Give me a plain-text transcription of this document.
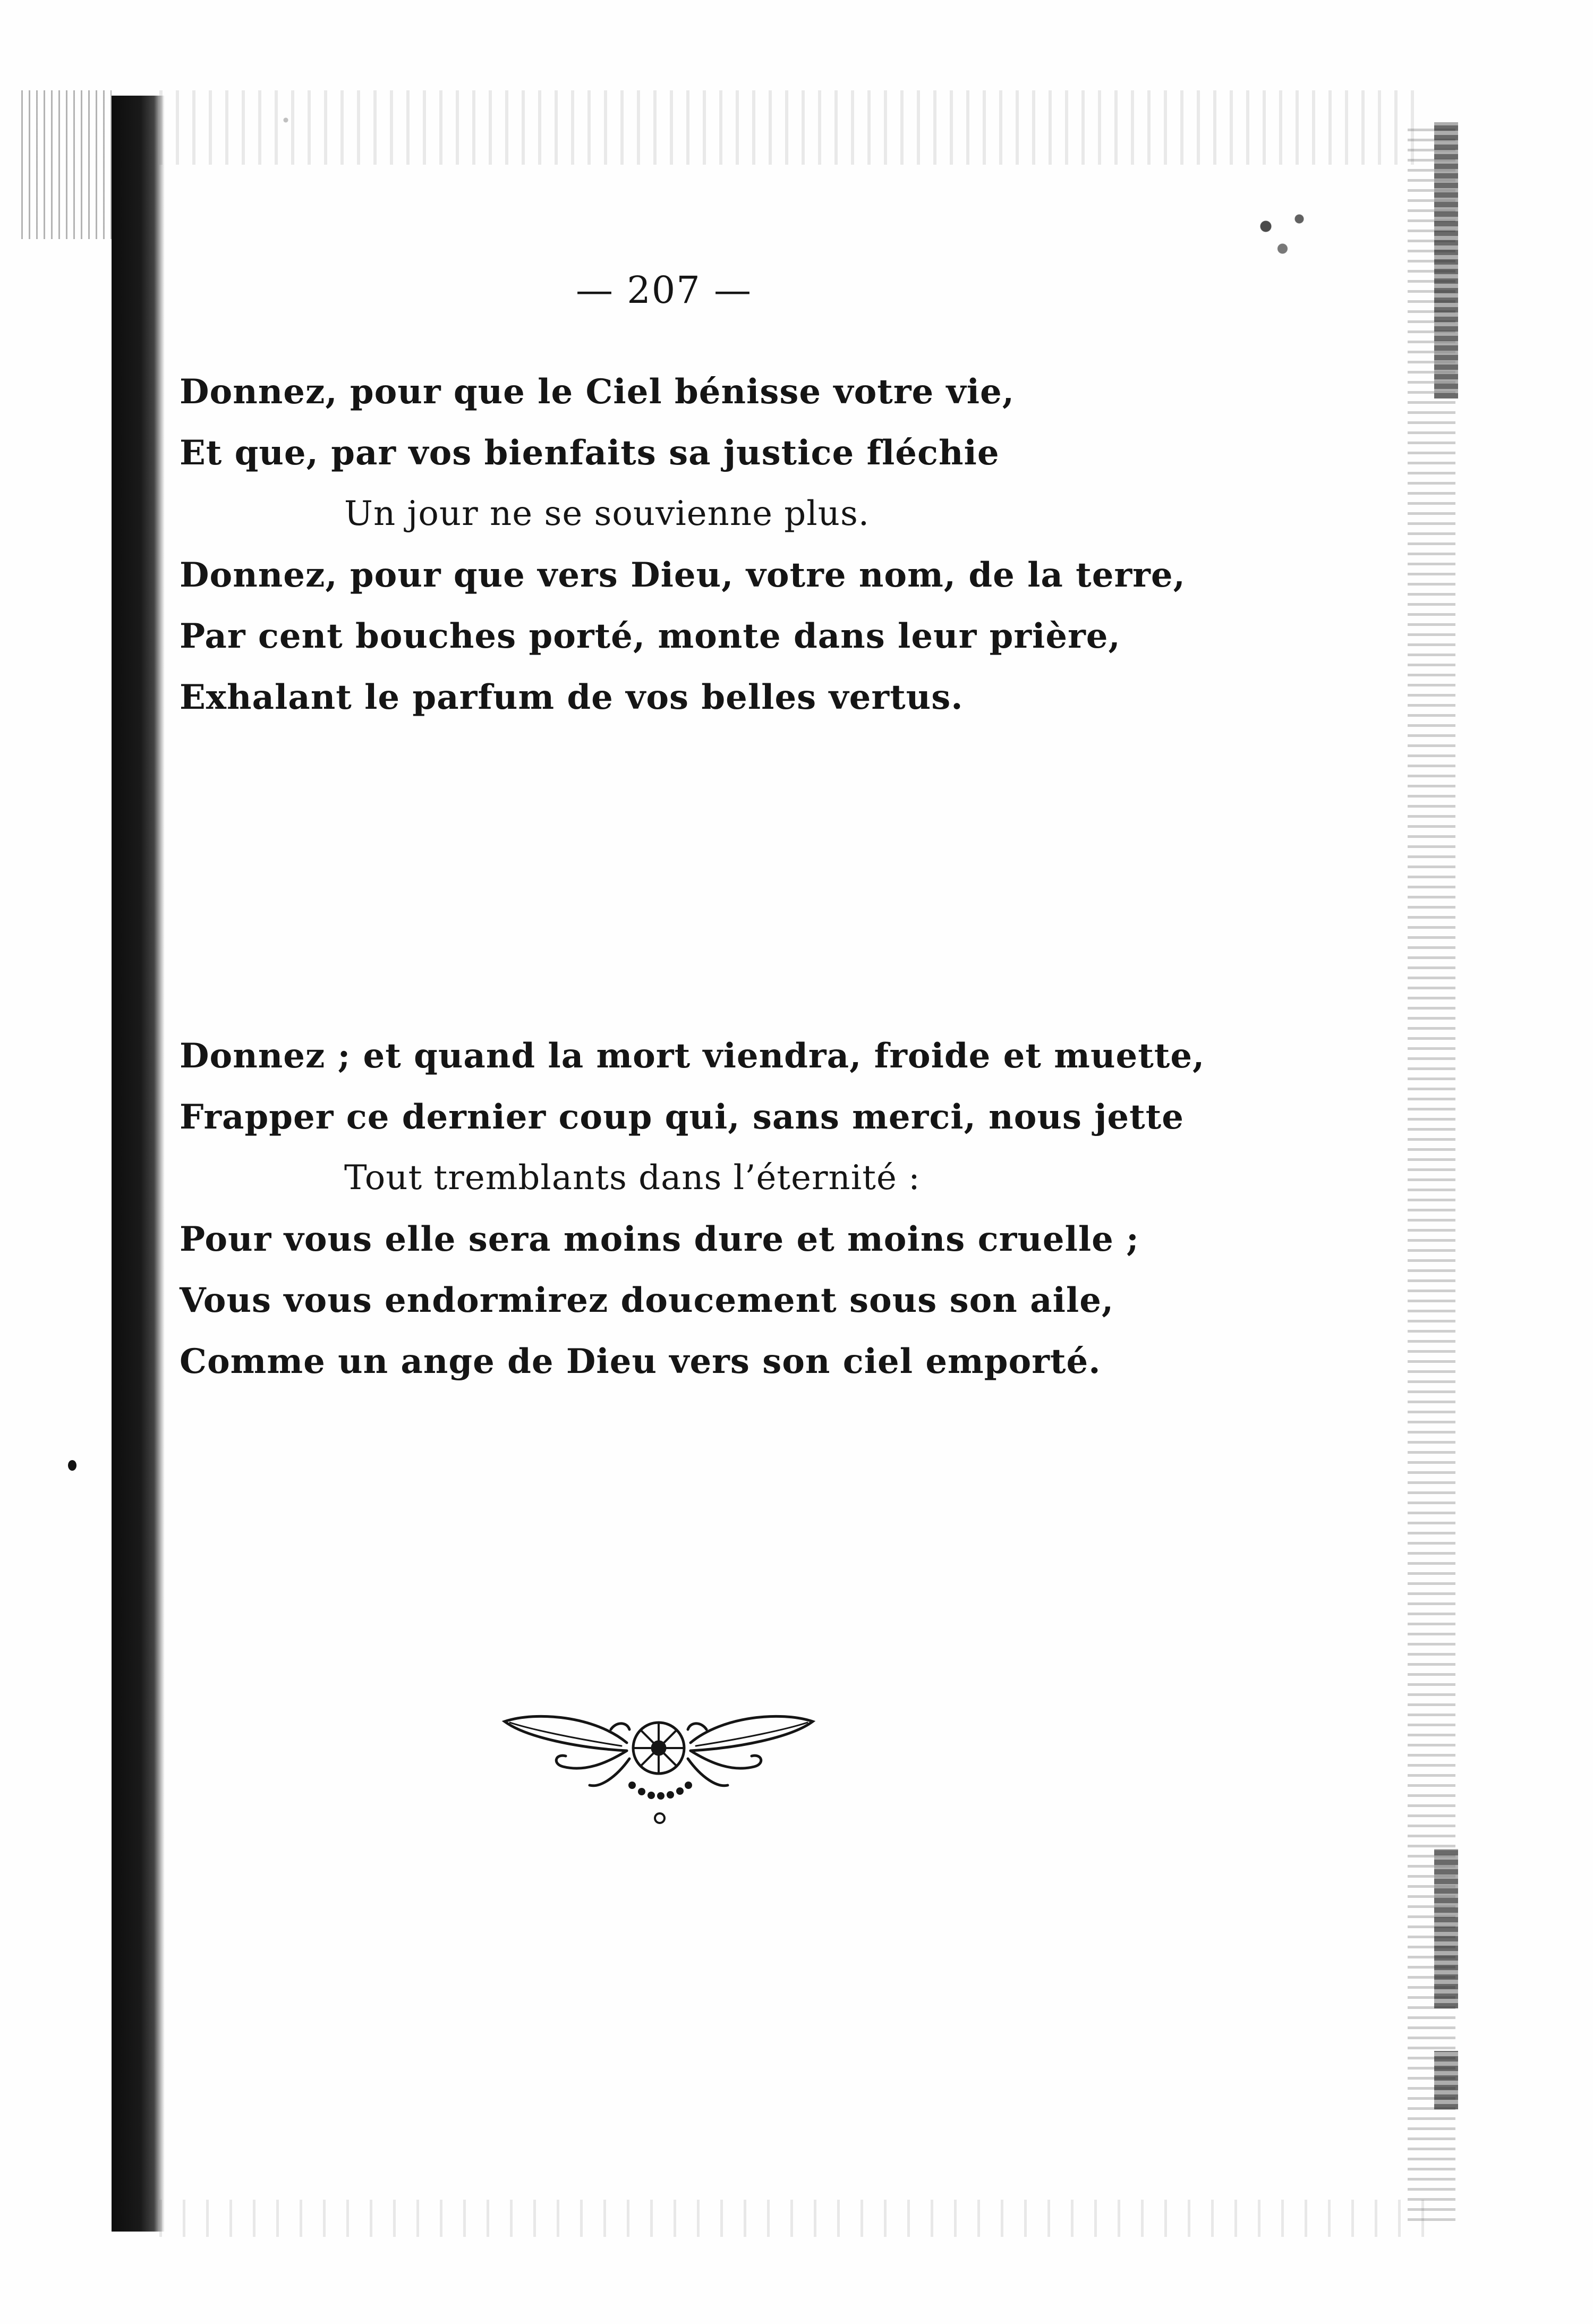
— 207 —
Donnez, pour que le Ciel bénisse votre vie,
Et que, par vos bienfaits sa justice fléchie
Un jour ne se souvienne plus.
Donnez, pour que vers Dieu, votre nom, de la terre,
Par cent bouches porté, monte dans leur prière,
Exhalant le parfum de vos belles vertus.
Donnez ; et quand la mort viendra, froide et muette,
Frapper ce dernier coup qui, sans merci, nous jette
Tout tremblants dans l’éternité :
Pour vous elle sera moins dure et moins cruelle ;
Vous vous endormirez doucement sous son aile,
Comme un ange de Dieu vers son ciel emporté.
